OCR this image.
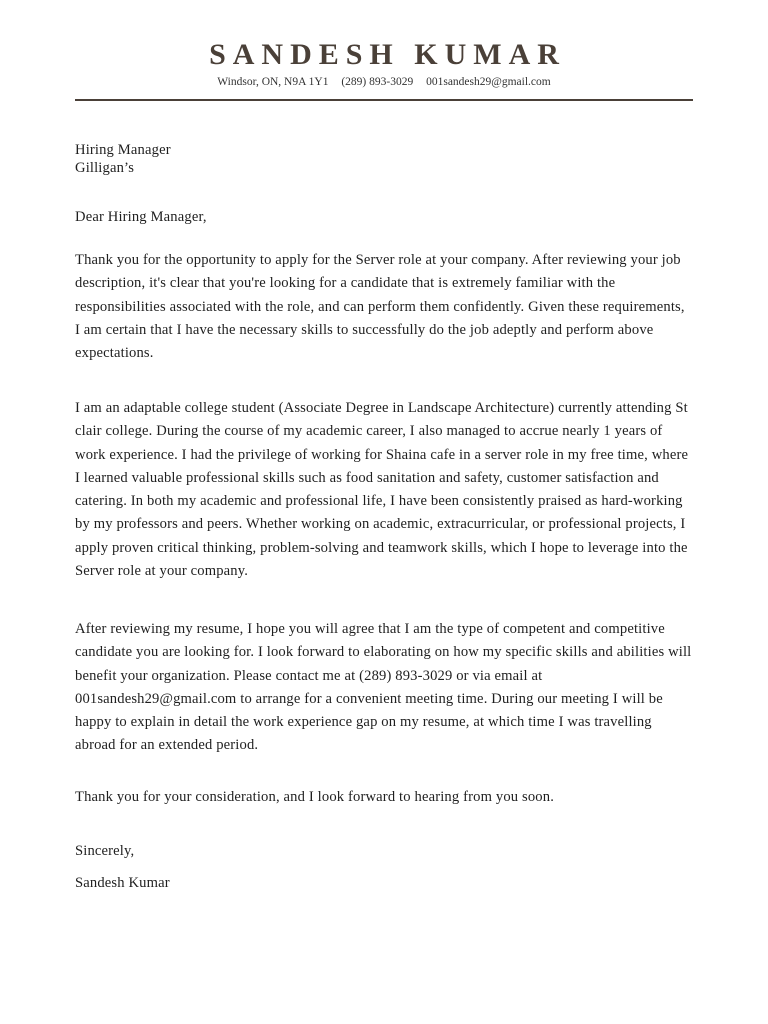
SANDESH KUMAR
Windsor, ON, N9A 1Y1 (289) 893-3029 001sandesh29@gmail.com

Hiring Manager

Gilligan’s

Dear Hiring Manager,

Thank you for the opportunity to apply for the Server role at your company. After reviewing your job description, it's clear that you're looking for a candidate that is extremely familiar with the responsibilities associated with the role, and can perform them confidently. Given these requirements, I am certain that I have the necessary skills to successfully do the job adeptly and perform above expectations.

I am an adaptable college student (Associate Degree in Landscape Architecture) currently attending St clair college. During the course of my academic career, I also managed to accrue nearly 1 years of work experience. I had the privilege of working for Shaina cafe in a server role in my free time, where I learned valuable professional skills such as food sanitation and safety, customer satisfaction and catering. In both my academic and professional life, I have been consistently praised as hard-working by my professors and peers. Whether working on academic, extracurricular, or professional projects, I apply proven critical thinking, problem-solving and teamwork skills, which I hope to leverage into the Server role at your company.

After reviewing my resume, I hope you will agree that I am the type of competent and competitive candidate you are looking for. I look forward to elaborating on how my specific skills and abilities will benefit your organization. Please contact me at (289) 893-3029 or via email at 001sandesh29@gmail.com to arrange for a convenient meeting time. During our meeting I will be happy to explain in detail the work experience gap on my resume, at which time I was travelling abroad for an extended period.

Thank you for your consideration, and I look forward to hearing from you soon.

Sincerely,

Sandesh Kumar
